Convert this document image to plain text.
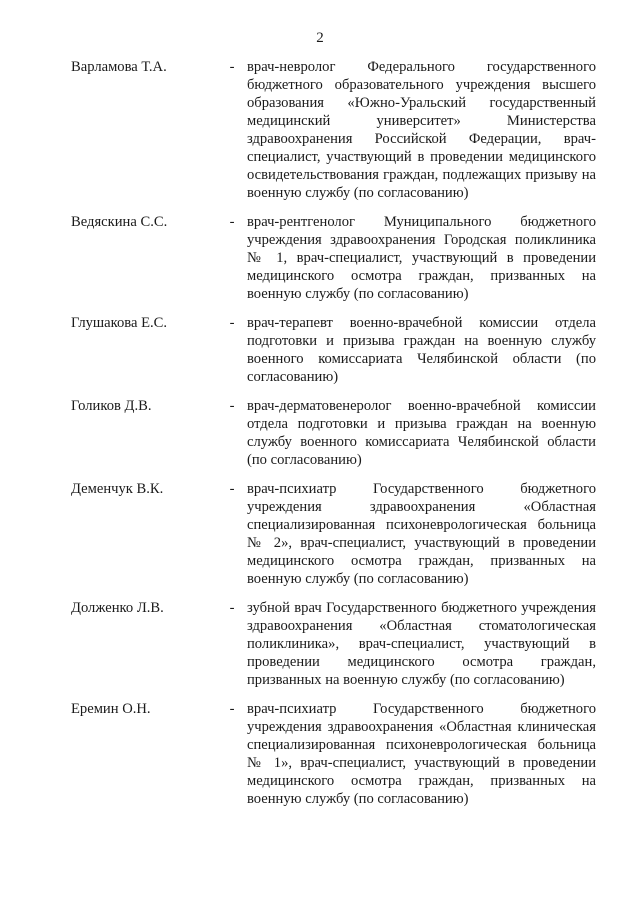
2
Варламова Т.А.	- врач-невролог Федерального государственного бюджетного образовательного учреждения высшего образования «Южно-Уральский государственный медицинский университет» Министерства здравоохранения Российской Федерации, врач-специалист, участвующий в проведении медицинского освидетельствования граждан, подлежащих призыву на военную службу (по согласованию)
Ведяскина С.С.	- врач-рентгенолог Муниципального бюджетного учреждения здравоохранения Городская поликлиника № 1, врач-специалист, участвующий в проведении медицинского осмотра граждан, призванных на военную службу (по согласованию)
Глушакова Е.С.	- врач-терапевт военно-врачебной комиссии отдела подготовки и призыва граждан на военную службу военного комиссариата Челябинской области (по согласованию)
Голиков Д.В.	- врач-дерматовенеролог военно-врачебной комиссии отдела подготовки и призыва граждан на военную службу военного комиссариата Челябинской области (по согласованию)
Деменчук В.К.	- врач-психиатр Государственного бюджетного учреждения здравоохранения «Областная специализированная психоневрологическая больница № 2», врач-специалист, участвующий в проведении медицинского осмотра граждан, призванных на военную службу (по согласованию)
Долженко Л.В.	- зубной врач Государственного бюджетного учреждения здравоохранения «Областная стоматологическая поликлиника», врач-специалист, участвующий в проведении медицинского осмотра граждан, призванных на военную службу (по согласованию)
Еремин О.Н.	- врач-психиатр Государственного бюджетного учреждения здравоохранения «Областная клиническая специализированная психоневрологическая больница № 1», врач-специалист, участвующий в проведении медицинского осмотра граждан, призванных на военную службу (по согласованию)
